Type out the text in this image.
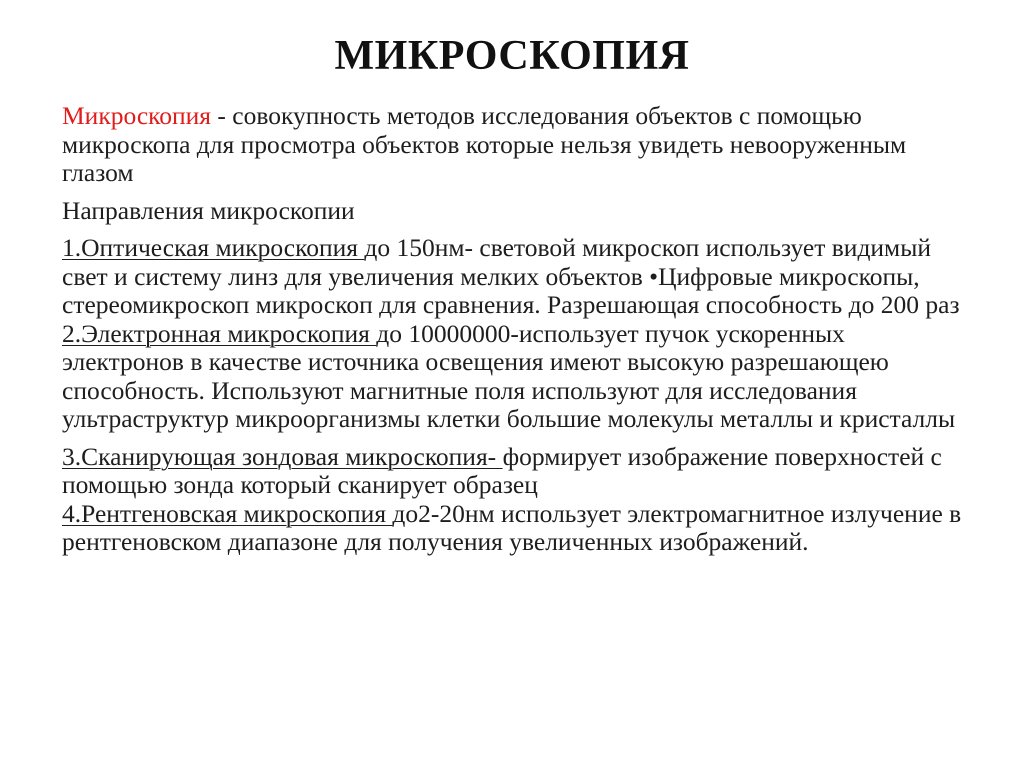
МИКРОСКОПИЯ

Микроскопия - совокупность методов исследования объектов с помощью микроскопа для просмотра объектов которые нельзя увидеть невооруженным глазом

Направления микроскопии

1.Оптическая микроскопия до 150нм- световой микроскоп использует видимый свет и систему линз для увеличения мелких объектов •Цифровые микроскопы, стереомикроскоп микроскоп для сравнения. Разрешающая способность до 200 раз

2.Электронная микроскопия до 10000000-использует пучок ускоренных электронов в качестве источника освещения имеют высокую разрешающею способность. Используют магнитные поля используют для исследования ультраструктур микроорганизмы клетки большие молекулы металлы и кристаллы

3.Сканирующая зондовая микроскопия- формирует изображение поверхностей с помощью зонда который сканирует образец

4.Рентгеновская микроскопия до2-20нм использует электромагнитное излучение в рентгеновском диапазоне для получения увеличенных изображений.
